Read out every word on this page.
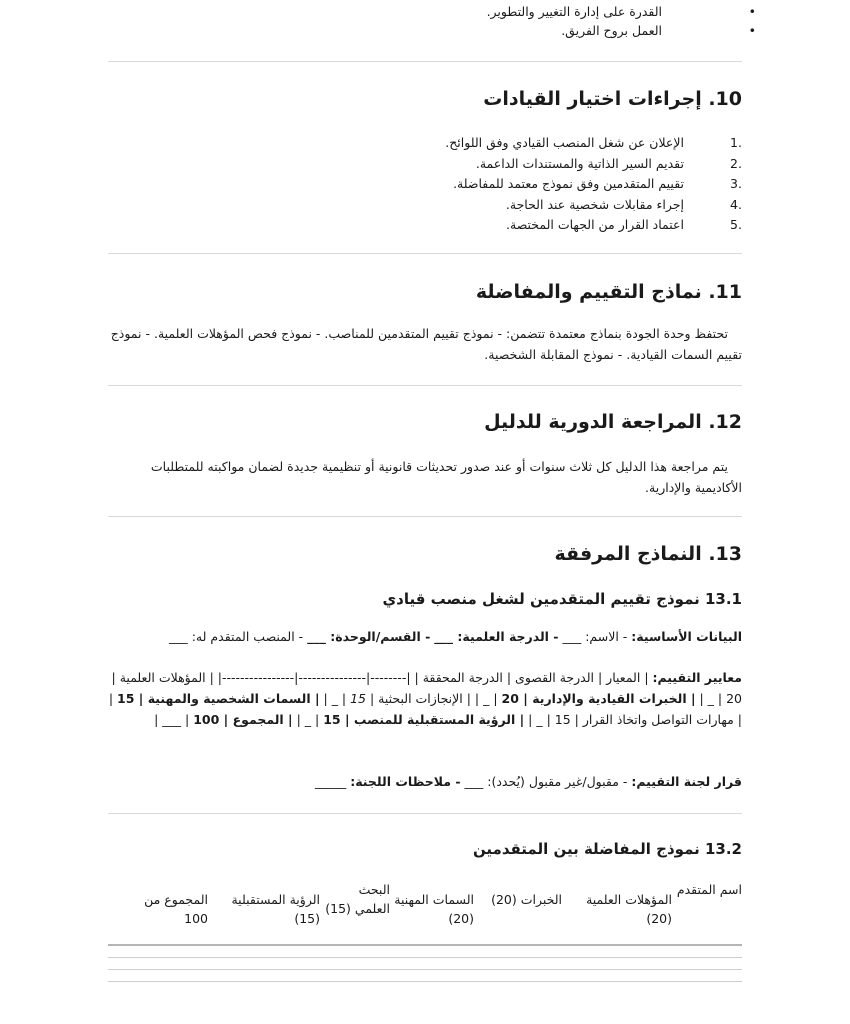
•
القدرة على إدارة التغيير والتطوير.
•
العمل بروح الفريق.
10. إجراءات اختيار القيادات
1.
الإعلان عن شغل المنصب القيادي وفق اللوائح.
2.
تقديم السير الذاتية والمستندات الداعمة.
3.
تقييم المتقدمين وفق نموذج معتمد للمفاضلة.
4.
إجراء مقابلات شخصية عند الحاجة.
5.
اعتماد القرار من الجهات المختصة.
11. نماذج التقييم والمفاضلة

تحتفظ وحدة الجودة بنماذج معتمدة تتضمن: - نموذج تقييم المتقدمين للمناصب. - نموذج فحص المؤهلات العلمية. - نموذج تقييم السمات القيادية. - نموذج المقابلة الشخصية.

12. المراجعة الدورية للدليل

يتم مراجعة هذا الدليل كل ثلاث سنوات أو عند صدور تحديثات قانونية أو تنظيمية جديدة لضمان مواكبته للمتطلبات الأكاديمية والإدارية.

13. النماذج المرفقة
13.1 نموذج تقييم المتقدمين لشغل منصب قيادي

البيانات الأساسية: - الاسم: ___ - الدرجة العلمية: ___ - القسم/الوحدة: ___ - المنصب المتقدم له: ___

معايير التقييم: | المعيار | الدرجة القصوى | الدرجة المحققة | |--------|---------------|----------------| | المؤهلات العلمية | 20 | _ | | الخبرات القيادية والإدارية | 20 | _ | | الإنجازات البحثية | 15 | _ | | السمات الشخصية والمهنية | 15 | | مهارات التواصل واتخاذ القرار | 15 | _ | | الرؤية المستقبلية للمنصب | 15 | _ | | المجموع | 100 | ___ |

قرار لجنة التقييم: - مقبول/غير مقبول (يُحدد): ___ - ملاحظات اللجنة: _____

13.2 نموذج المفاضلة بين المتقدمين
اسم المتقدم
المؤهلات العلمية (20)
الخبرات (20)
السمات المهنية (20)
البحث العلمي (15)
الرؤية المستقبلية (15)
المجموع من 100
